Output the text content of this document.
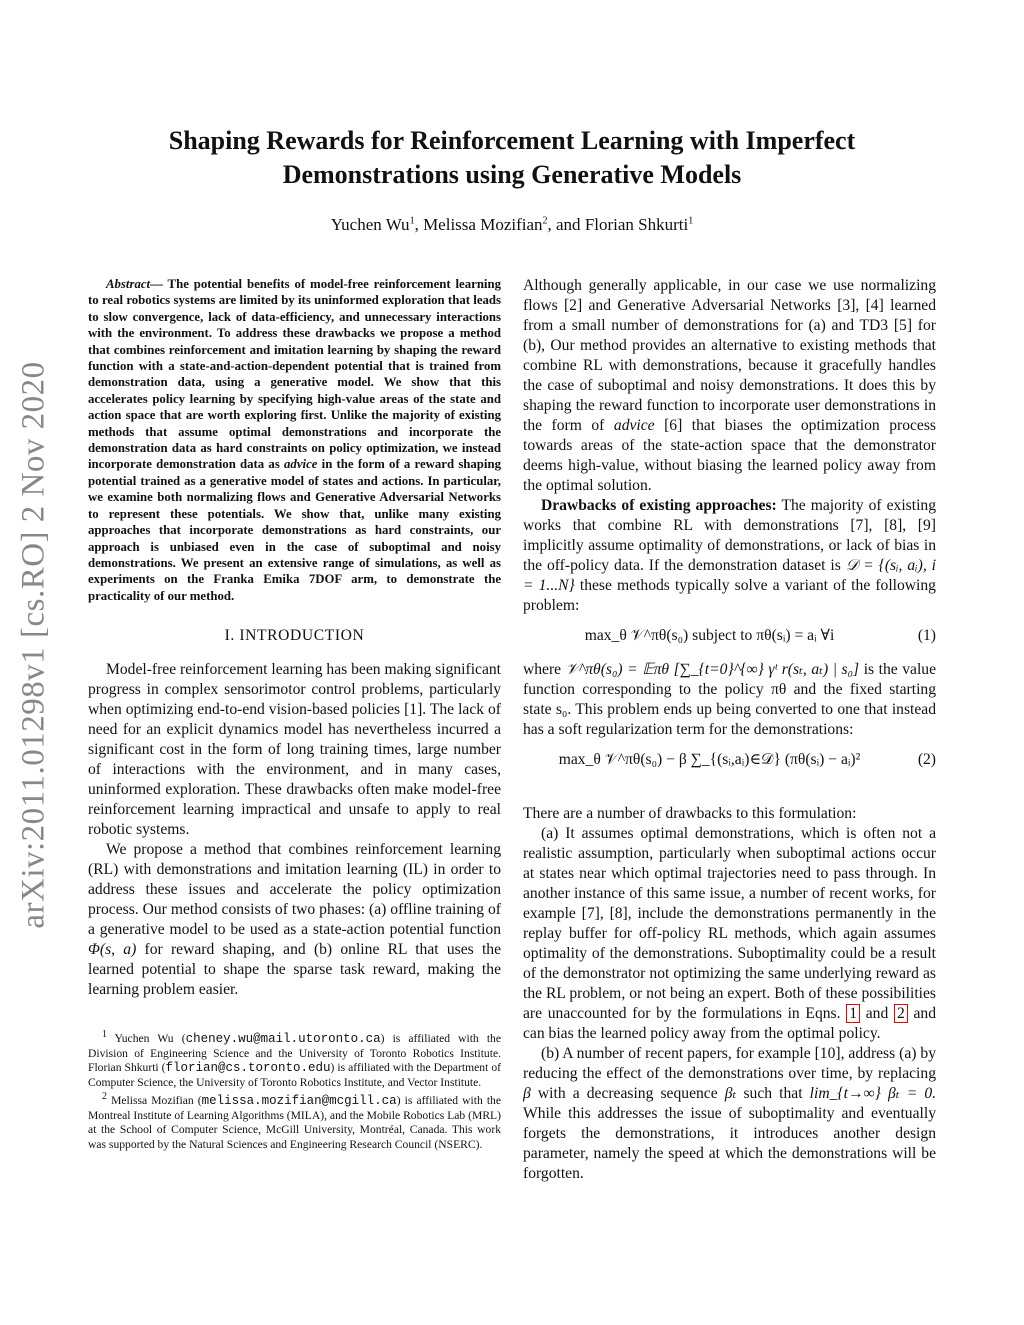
Shaping Rewards for Reinforcement Learning with Imperfect Demonstrations using Generative Models
Yuchen Wu$^1$, Melissa Mozifian$^2$, and Florian Shkurti$^1$
arXiv:2011.01298v1 [cs.RO] 2 Nov 2020

Abstract— The potential benefits of model-free reinforcement learning to real robotics systems are limited by its uninformed exploration that leads to slow convergence, lack of data-efficiency, and unnecessary interactions with the environment. To address these drawbacks we propose a method that combines reinforcement and imitation learning by shaping the reward function with a state-and-action-dependent potential that is trained from demonstration data, using a generative model. We show that this accelerates policy learning by specifying high-value areas of the state and action space that are worth exploring first. Unlike the majority of existing methods that assume optimal demonstrations and incorporate the demonstration data as hard constraints on policy optimization, we instead incorporate demonstration data as advice in the form of a reward shaping potential trained as a generative model of states and actions. In particular, we examine both normalizing flows and Generative Adversarial Networks to represent these potentials. We show that, unlike many existing approaches that incorporate demonstrations as hard constraints, our approach is unbiased even in the case of suboptimal and noisy demonstrations. We present an extensive range of simulations, as well as experiments on the Franka Emika 7DOF arm, to demonstrate the practicality of our method.

I. INTRODUCTION

Model-free reinforcement learning has been making significant progress in complex sensorimotor control problems, particularly when optimizing end-to-end vision-based policies [1]. The lack of need for an explicit dynamics model has nevertheless incurred a significant cost in the form of long training times, large number of interactions with the environment, and in many cases, uninformed exploration. These drawbacks often make model-free reinforcement learning impractical and unsafe to apply to real robotic systems.

We propose a method that combines reinforcement learning (RL) with demonstrations and imitation learning (IL) in order to address these issues and accelerate the policy optimization process. Our method consists of two phases: (a) offline training of a generative model to be used as a state-action potential function Φ(s, a) for reward shaping, and (b) online RL that uses the learned potential to shape the sparse task reward, making the learning problem easier.

$^1$ Yuchen Wu (cheney.wu@mail.utoronto.ca) is affiliated with the Division of Engineering Science and the University of Toronto Robotics Institute. Florian Shkurti (florian@cs.toronto.edu) is affiliated with the Department of Computer Science, the University of Toronto Robotics Institute, and Vector Institute.

$^2$ Melissa Mozifian (melissa.mozifian@mcgill.ca) is affiliated with the Montreal Institute of Learning Algorithms (MILA), and the Mobile Robotics Lab (MRL) at the School of Computer Science, McGill University, Montréal, Canada. This work was supported by the Natural Sciences and Engineering Research Council (NSERC).

Although generally applicable, in our case we use normalizing flows [2] and Generative Adversarial Networks [3], [4] learned from a small number of demonstrations for (a) and TD3 [5] for (b), Our method provides an alternative to existing methods that combine RL with demonstrations, because it gracefully handles the case of suboptimal and noisy demonstrations. It does this by shaping the reward function to incorporate user demonstrations in the form of advice [6] that biases the optimization process towards areas of the state-action space that the demonstrator deems high-value, without biasing the learned policy away from the optimal solution.

Drawbacks of existing approaches: The majority of existing works that combine RL with demonstrations [7], [8], [9] implicitly assume optimality of demonstrations, or lack of bias in the off-policy data. If the demonstration dataset is 𝒟 = {(sᵢ, aᵢ), i = 1...N} these methods typically solve a variant of the following problem:

max_θ 𝒱^πθ(s₀) subject to πθ(sᵢ) = aᵢ ∀i	(1)

where 𝒱^πθ(s₀) = 𝔼πθ [∑_{t=0}^{∞} γᵗ r(sₜ, aₜ) | s₀] is the value function corresponding to the policy πθ and the fixed starting state s₀. This problem ends up being converted to one that instead has a soft regularization term for the demonstrations:

max_θ 𝒱^πθ(s₀) − β ∑_{(sᵢ,aᵢ)∈𝒟} (πθ(sᵢ) − aᵢ)²	(2)

There are a number of drawbacks to this formulation:

(a) It assumes optimal demonstrations, which is often not a realistic assumption, particularly when suboptimal actions occur at states near which optimal trajectories need to pass through. In another instance of this same issue, a number of recent works, for example [7], [8], include the demonstrations permanently in the replay buffer for off-policy RL methods, which again assumes optimality of the demonstrations. Suboptimality could be a result of the demonstrator not optimizing the same underlying reward as the RL problem, or not being an expert. Both of these possibilities are unaccounted for by the formulations in Eqns. 1 and 2 and can bias the learned policy away from the optimal policy.

(b) A number of recent papers, for example [10], address (a) by reducing the effect of the demonstrations over time, by replacing β with a decreasing sequence βₜ such that lim_{t→∞} βₜ = 0. While this addresses the issue of suboptimality and eventually forgets the demonstrations, it introduces another design parameter, namely the speed at which the demonstrations will be forgotten.
